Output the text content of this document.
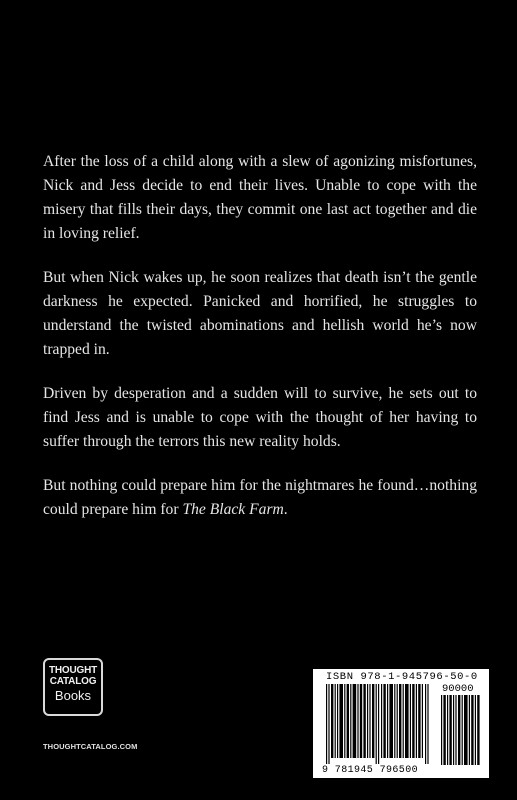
After the loss of a child along with a slew of agonizing misfortunes, Nick and Jess decide to end their lives. Unable to cope with the misery that fills their days, they commit one last act together and die in loving relief.

But when Nick wakes up, he soon realizes that death isn’t the gentle darkness he expected. Panicked and horrified, he struggles to understand the twisted abominations and hellish world he’s now trapped in.

Driven by desperation and a sudden will to survive, he sets out to find Jess and is unable to cope with the thought of her having to suffer through the terrors this new reality holds.

But nothing could prepare him for the nightmares he found…nothing could prepare him for The Black Farm.

THOUGHT
CATALOG
Books
THOUGHTCATALOG.COM
ISBN 978-1-945796-50-0
90000
9 781945 796500
